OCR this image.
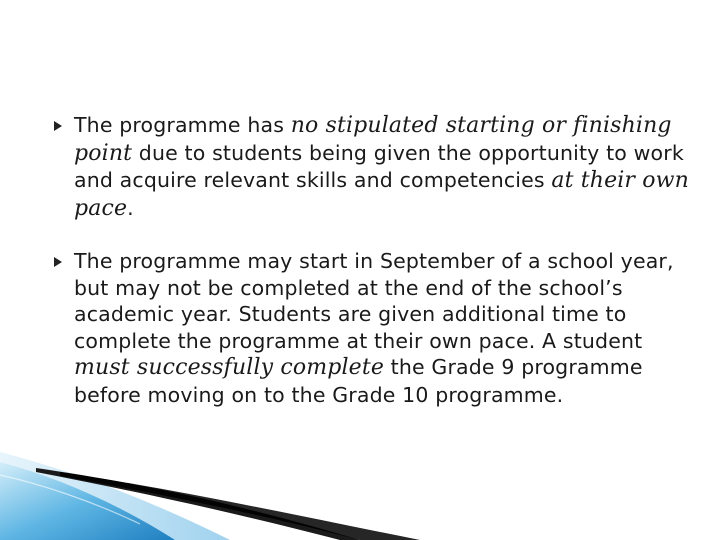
The programme has no stipulated starting or finishing point due to students being given the opportunity to work and acquire relevant skills and competencies at their own pace.
The programme may start in September of a school year, but may not be completed at the end of the school’s academic year. Students are given additional time to complete the programme at their own pace. A student must successfully complete the Grade 9 programme before moving on to the Grade 10 programme.
